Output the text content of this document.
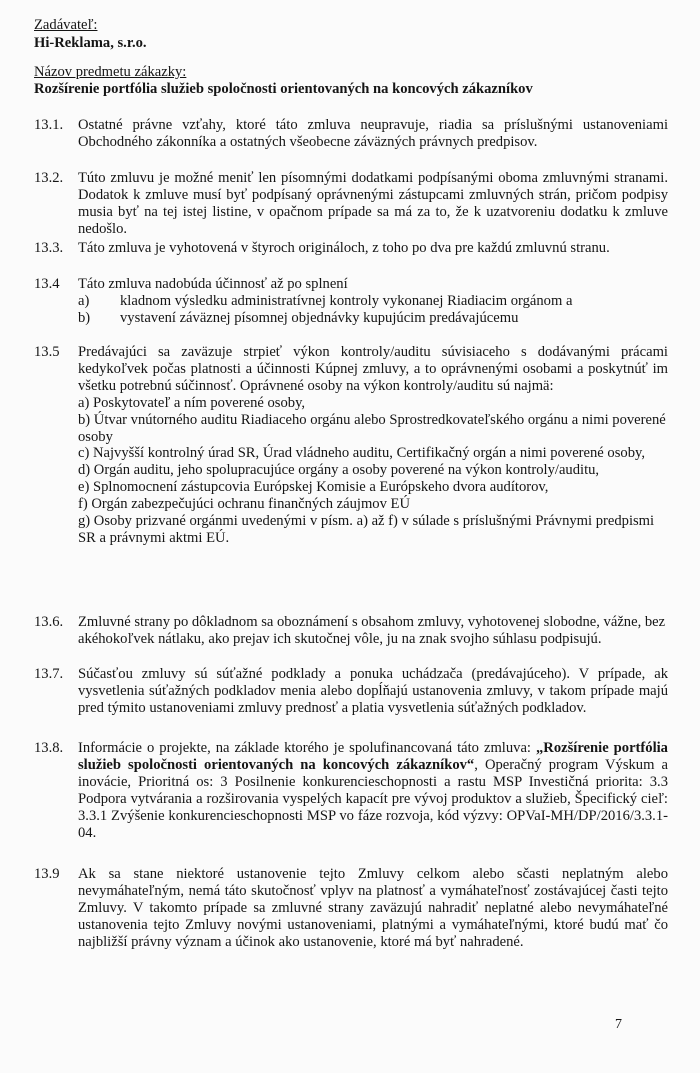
Zadávateľ:
Hi-Reklama, s.r.o.
Názov predmetu zákazky:
Rozšírenie portfólia služieb spoločnosti orientovaných na koncových zákazníkov
13.1. Ostatné právne vzťahy, ktoré táto zmluva neupravuje, riadia sa príslušnými ustanoveniami Obchodného zákonníka a ostatných všeobecne záväzných právnych predpisov.
13.2. Túto zmluvu je možné meniť len písomnými dodatkami podpísanými oboma zmluvnými stranami. Dodatok k zmluve musí byť podpísaný oprávnenými zástupcami zmluvných strán, pričom podpisy musia byť na tej istej listine, v opačnom prípade sa má za to, že k uzatvoreniu dodatku k zmluve nedošlo.
13.3. Táto zmluva je vyhotovená v štyroch origináloch, z toho po dva pre každú zmluvnú stranu.
13.4 Táto zmluva nadobúda účinnosť až po splnení
a) kladnom výsledku administratívnej kontroly vykonanej Riadiacim orgánom a
b) vystavení záväznej písomnej objednávky kupujúcim predávajúcemu
13.5 Predávajúci sa zaväzuje strpieť výkon kontroly/auditu súvisiaceho s dodávanými prácami kedykoľvek počas platnosti a účinnosti Kúpnej zmluvy, a to oprávnenými osobami a poskytnúť im všetku potrebnú súčinnosť. Oprávnené osoby na výkon kontroly/auditu sú najmä:
a) Poskytovateľ a ním poverené osoby,
b) Útvar vnútorného auditu Riadiaceho orgánu alebo Sprostredkovateľského orgánu a nimi poverené osoby
c) Najvyšší kontrolný úrad SR, Úrad vládneho auditu, Certifikačný orgán a nimi poverené osoby,
d) Orgán auditu, jeho spolupracujúce orgány a osoby poverené na výkon kontroly/auditu,
e) Splnomocnení zástupcovia Európskej Komisie a Európskeho dvora audítorov,
f) Orgán zabezpečujúci ochranu finančných záujmov EÚ
g) Osoby prizvané orgánmi uvedenými v písm. a) až f) v súlade s príslušnými Právnymi predpismi SR a právnymi aktmi EÚ.
13.6. Zmluvné strany po dôkladnom sa oboznámení s obsahom zmluvy, vyhotovenej slobodne, vážne, bez akéhokoľvek nátlaku, ako prejav ich skutočnej vôle, ju na znak svojho súhlasu podpisujú.
13.7. Súčasťou zmluvy sú súťažné podklady a ponuka uchádzača (predávajúceho). V prípade, ak vysvetlenia súťažných podkladov menia alebo dopĺňajú ustanovenia zmluvy, v takom prípade majú pred týmito ustanoveniami zmluvy prednosť a platia vysvetlenia súťažných podkladov.
13.8. Informácie o projekte, na základe ktorého je spolufinancovaná táto zmluva: „Rozšírenie portfólia služieb spoločnosti orientovaných na koncových zákazníkov“, Operačný program Výskum a inovácie, Prioritná os: 3 Posilnenie konkurencieschopnosti a rastu MSP Investičná priorita: 3.3 Podpora vytvárania a rozširovania vyspelých kapacít pre vývoj produktov a služieb, Špecifický cieľ: 3.3.1 Zvýšenie konkurencieschopnosti MSP vo fáze rozvoja, kód výzvy: OPVaI-MH/DP/2016/3.3.1-04.
13.9 Ak sa stane niektoré ustanovenie tejto Zmluvy celkom alebo sčasti neplatným alebo nevymáhateľným, nemá táto skutočnosť vplyv na platnosť a vymáhateľnosť zostávajúcej časti tejto Zmluvy. V takomto prípade sa zmluvné strany zaväzujú nahradiť neplatné alebo nevymáhateľné ustanovenia tejto Zmluvy novými ustanoveniami, platnými a vymáhateľnými, ktoré budú mať čo najbližší právny význam a účinok ako ustanovenie, ktoré má byť nahradené.
7
